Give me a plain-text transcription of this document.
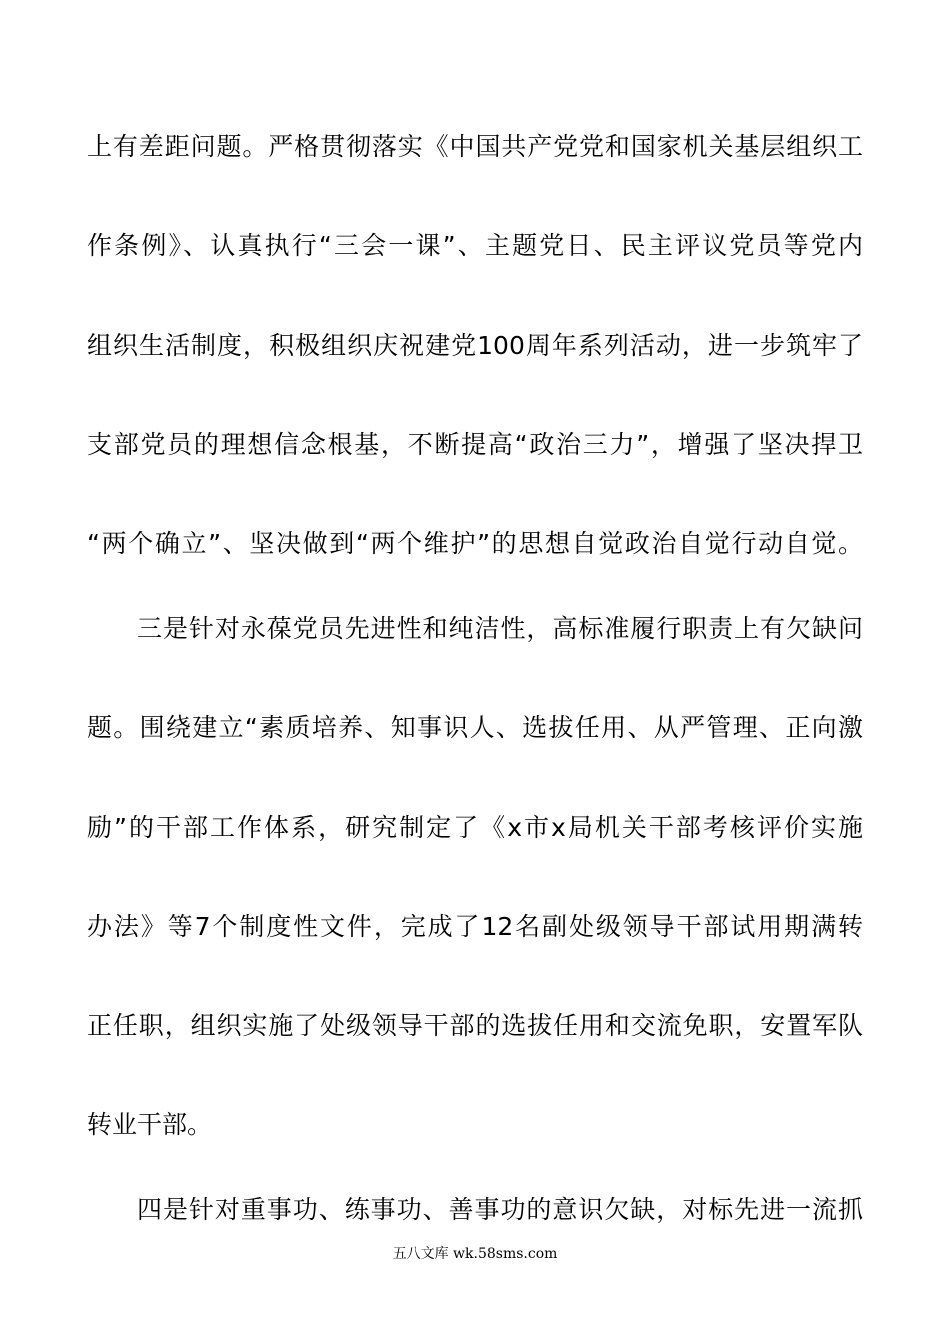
上有差距问题。严格贯彻落实《中国共产党党和国家机关基层组织工
作条例》、认真执行“三会一课”、主题党日、民主评议党员等党内
组织生活制度，积极组织庆祝建党100周年系列活动，进一步筑牢了
支部党员的理想信念根基，不断提高“政治三力”，增强了坚决捍卫
“两个确立”、坚决做到“两个维护”的思想自觉政治自觉行动自觉。
三是针对永葆党员先进性和纯洁性，高标准履行职责上有欠缺问
题。围绕建立“素质培养、知事识人、选拔任用、从严管理、正向激
励”的干部工作体系，研究制定了《x市x局机关干部考核评价实施
办法》等7个制度性文件，完成了12名副处级领导干部试用期满转
正任职，组织实施了处级领导干部的选拔任用和交流免职，安置军队
转业干部。
四是针对重事功、练事功、善事功的意识欠缺，对标先进一流抓
五八文库 wk.58sms.com
